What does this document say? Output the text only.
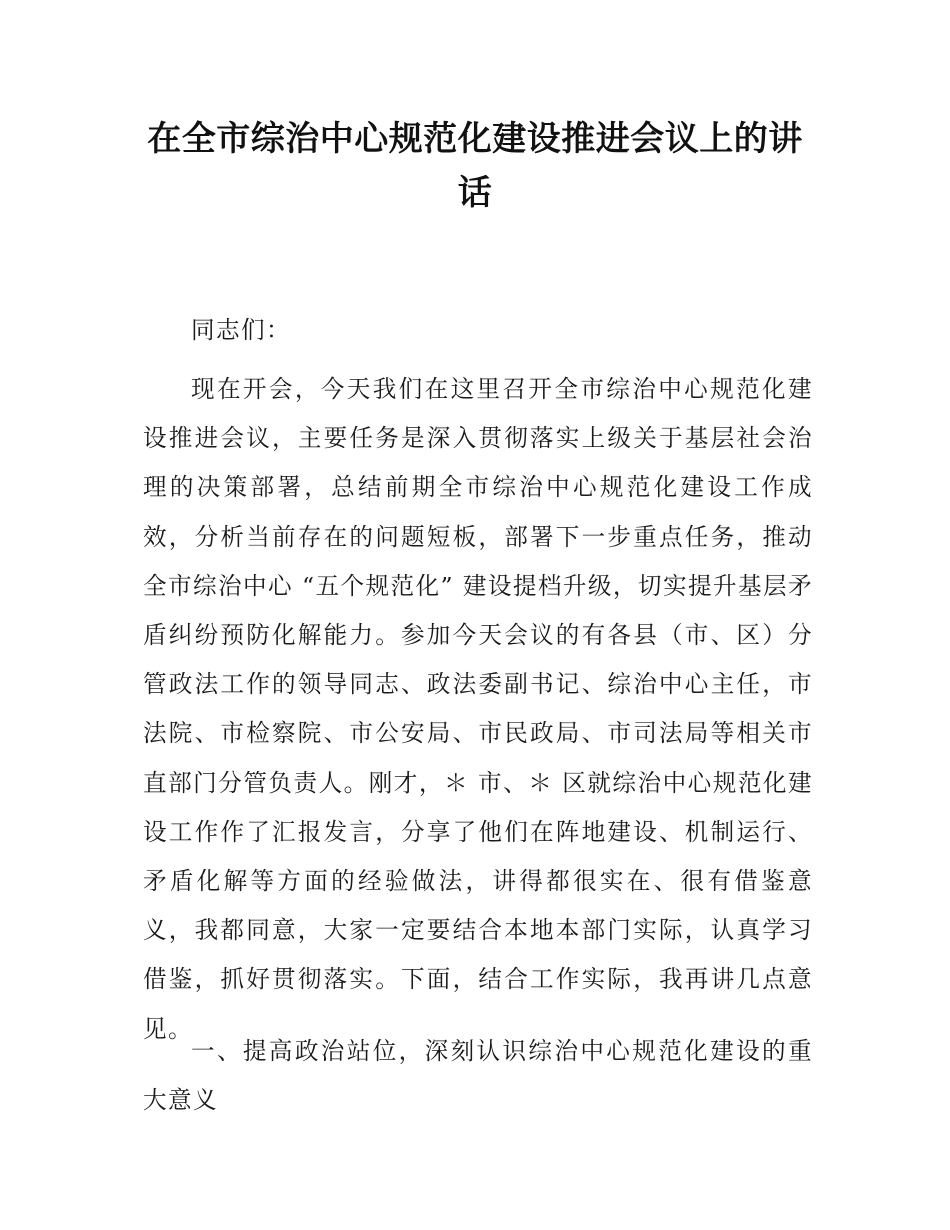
在全市综治中心规范化建设推进会议上的讲话

同志们：

现在开会，今天我们在这里召开全市综治中心规范化建设推进会议，主要任务是深入贯彻落实上级关于基层社会治理的决策部署，总结前期全市综治中心规范化建设工作成效，分析当前存在的问题短板，部署下一步重点任务，推动全市综治中心 “五个规范化” 建设提档升级，切实提升基层矛盾纠纷预防化解能力。参加今天会议的有各县（市、区）分管政法工作的领导同志、政法委副书记、综治中心主任，市法院、市检察院、市公安局、市民政局、市司法局等相关市直部门分管负责人。刚才，＊ 市、＊ 区就综治中心规范化建设工作作了汇报发言，分享了他们在阵地建设、机制运行、矛盾化解等方面的经验做法，讲得都很实在、很有借鉴意义，我都同意，大家一定要结合本地本部门实际，认真学习借鉴，抓好贯彻落实。下面，结合工作实际，我再讲几点意见。

一、提高政治站位，深刻认识综治中心规范化建设的重大意义
